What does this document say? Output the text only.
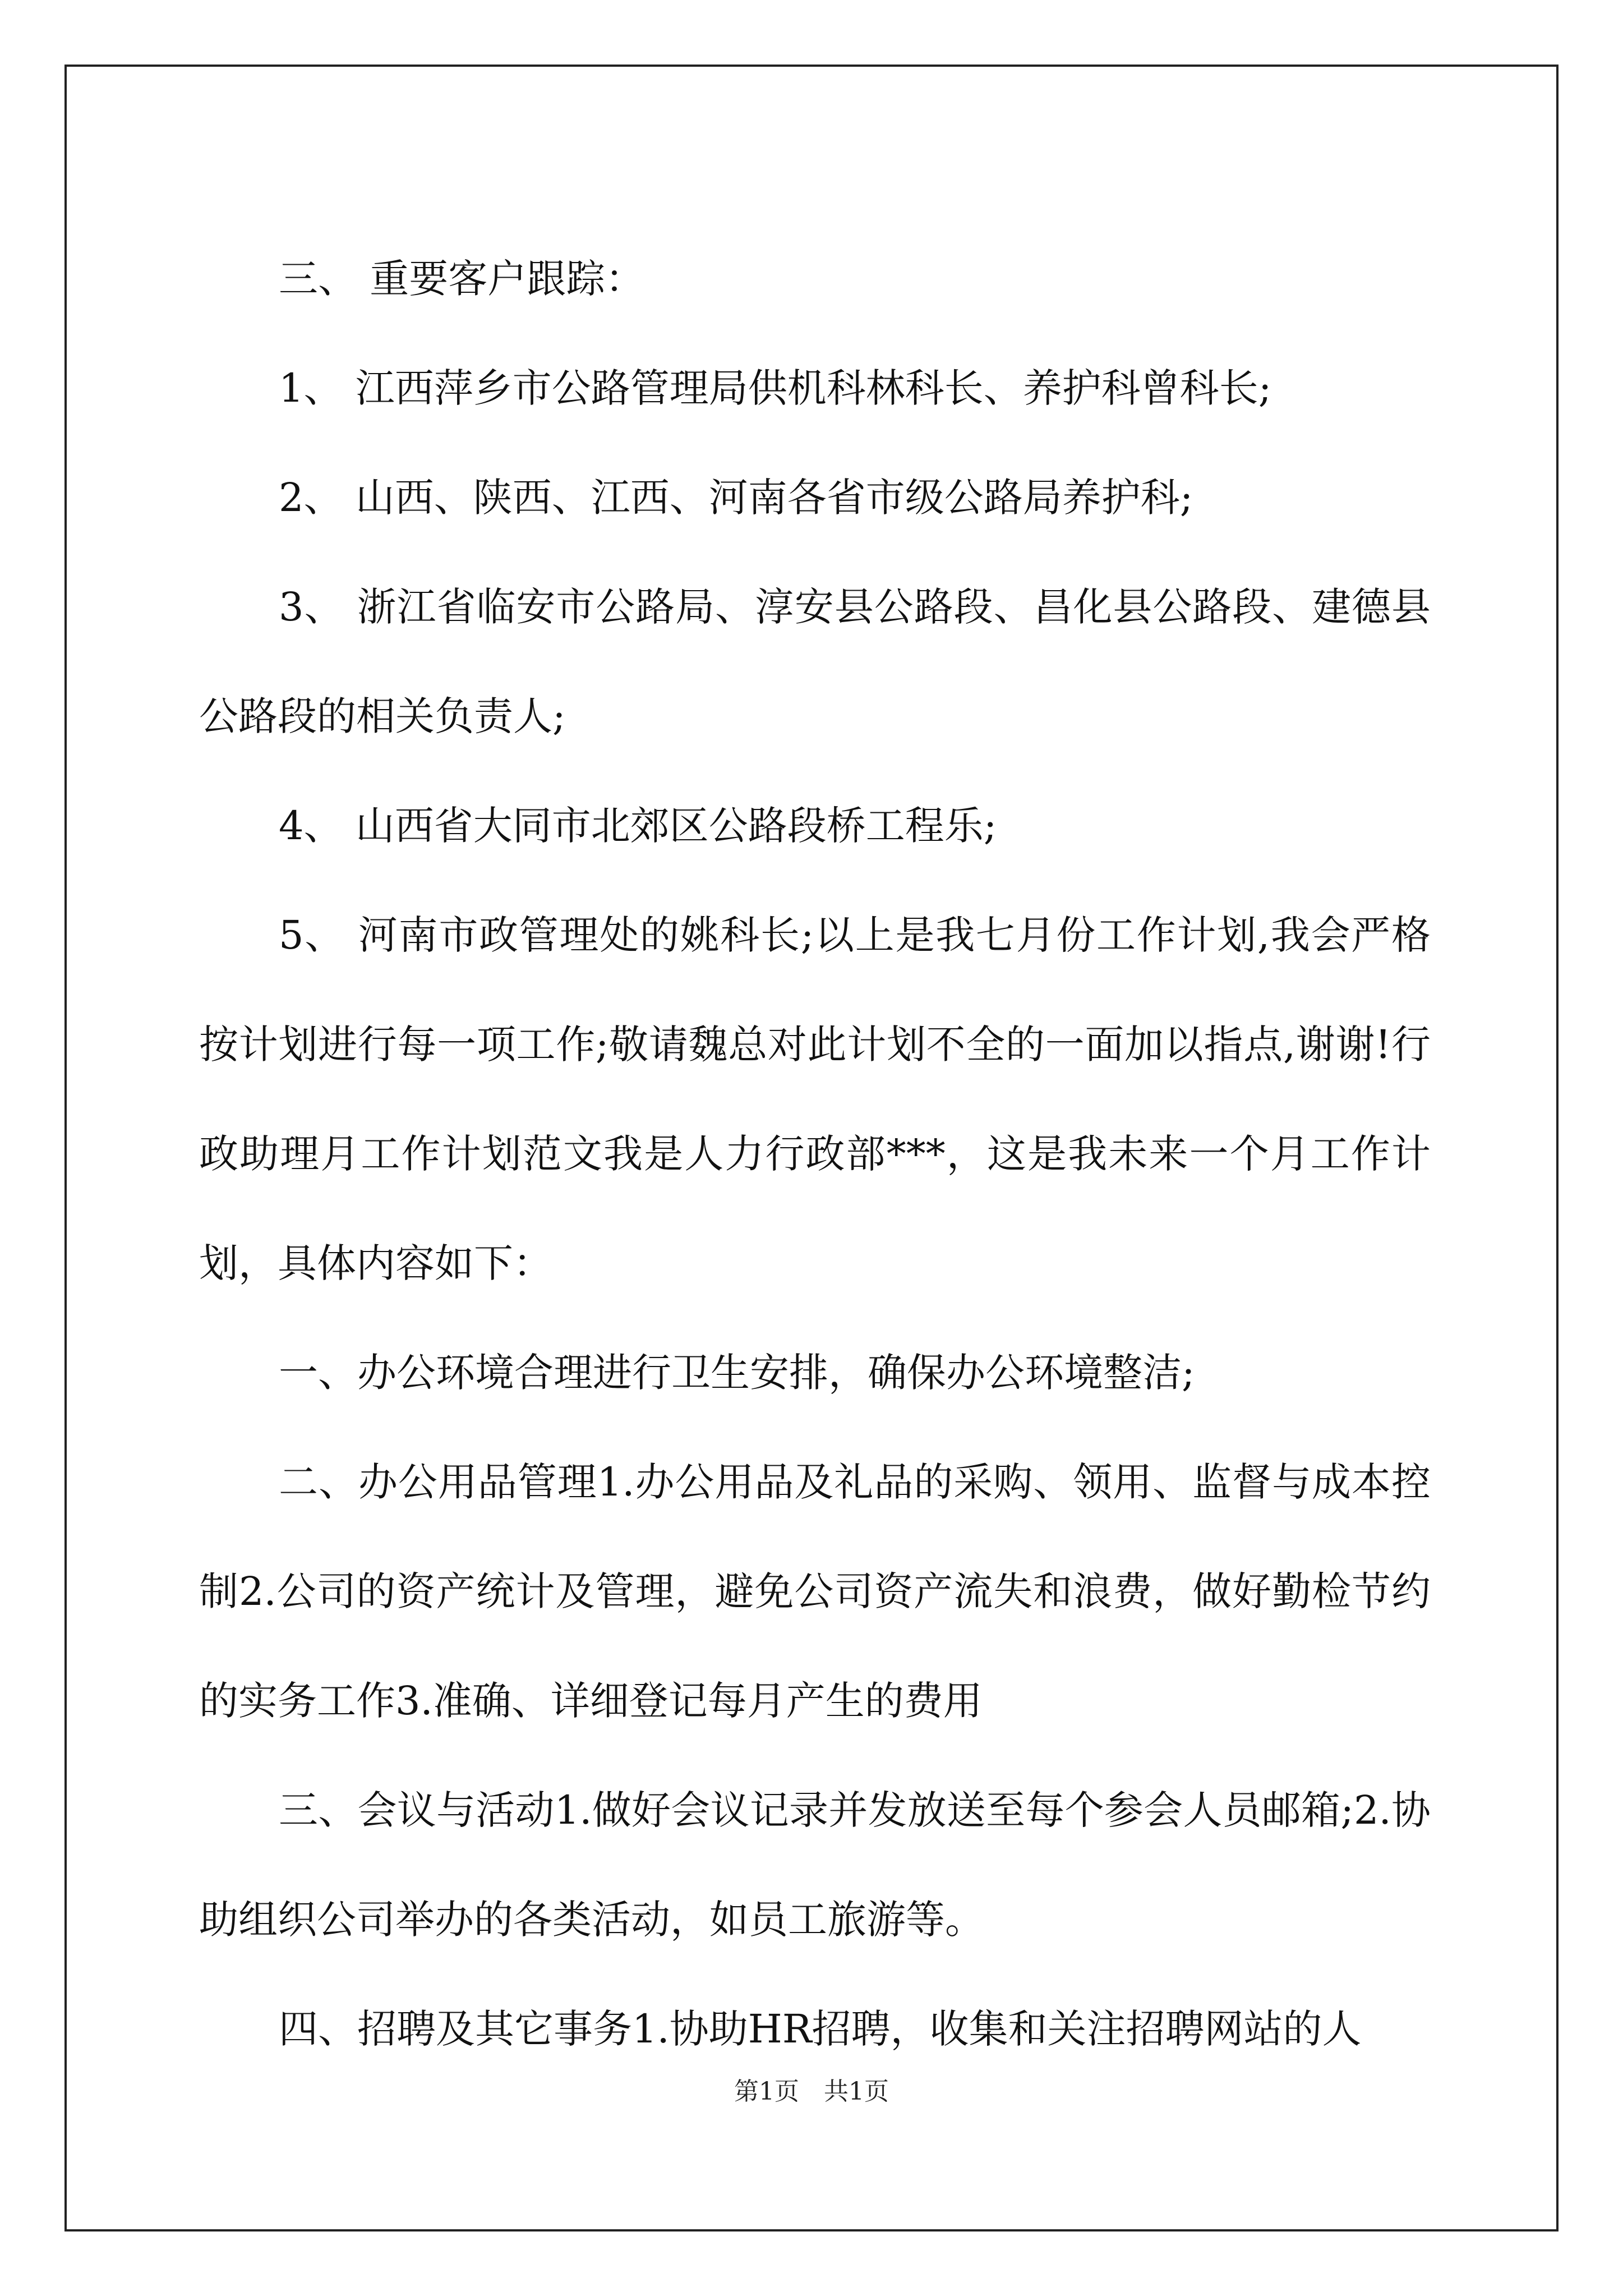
三、 重要客户跟踪：

1、 江西萍乡市公路管理局供机科林科长、养护科曾科长;

2、 山西、陕西、江西、河南各省市级公路局养护科;

3、 浙江省临安市公路局、淳安县公路段、昌化县公路段、建德县公路段的相关负责人;

4、 山西省大同市北郊区公路段桥工程乐;

5、 河南市政管理处的姚科长;以上是我七月份工作计划,我会严格按计划进行每一项工作;敬请魏总对此计划不全的一面加以指点,谢谢!行政助理月工作计划范文我是人力行政部***，这是我未来一个月工作计划，具体内容如下：

一、办公环境合理进行卫生安排，确保办公环境整洁;

二、办公用品管理1.办公用品及礼品的采购、领用、监督与成本控制2.公司的资产统计及管理，避免公司资产流失和浪费，做好勤检节约的实务工作3.准确、详细登记每月产生的费用

三、会议与活动1.做好会议记录并发放送至每个参会人员邮箱;2.协助组织公司举办的各类活动，如员工旅游等。

四、招聘及其它事务1.协助HR招聘，收集和关注招聘网站的人

第1页　共1页
